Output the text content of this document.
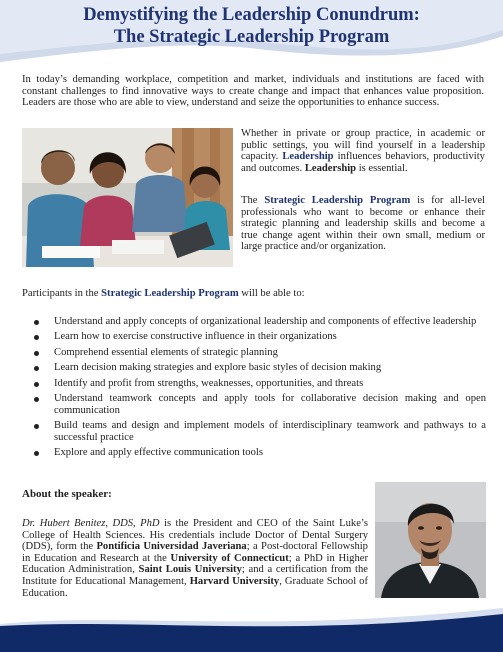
Demystifying the Leadership Conundrum:
The Strategic Leadership Program
In today’s demanding workplace, competition and market, individuals and institutions are faced with constant challenges to find innovative ways to create change and impact that enhances value proposition. Leaders are those who are able to view, understand and seize the opportunities to enhance success.
Whether in private or group practice, in academic or public settings, you will find yourself in a leadership capacity. Leadership influences behaviors, productivity and outcomes. Leadership is essential.
The Strategic Leadership Program is for all-level professionals who want to become or enhance their strategic planning and leadership skills and become a true change agent within their own small, medium or large practice and/or organization.
Participants in the Strategic Leadership Program will be able to:
Understand and apply concepts of organizational leadership and components of effective leadership
Learn how to exercise constructive influence in their organizations
Comprehend essential elements of strategic planning
Learn decision making strategies and explore basic styles of decision making
Identify and profit from strengths, weaknesses, opportunities, and threats
Understand teamwork concepts and apply tools for collaborative decision making and open communication
Build teams and design and implement models of interdisciplinary teamwork and pathways to a successful practice
Explore and apply effective communication tools
About the speaker:
Dr. Hubert Benitez, DDS, PhD is the President and CEO of the Saint Luke’s College of Health Sciences. His credentials include Doctor of Dental Surgery (DDS), form the Pontificia Universidad Javeriana; a Post-doctoral Fellowship in Education and Research at the University of Connecticut; a PhD in Higher Education Administration, Saint Louis University; and a certification from the Institute for Educational Management, Harvard University, Graduate School of Education.
